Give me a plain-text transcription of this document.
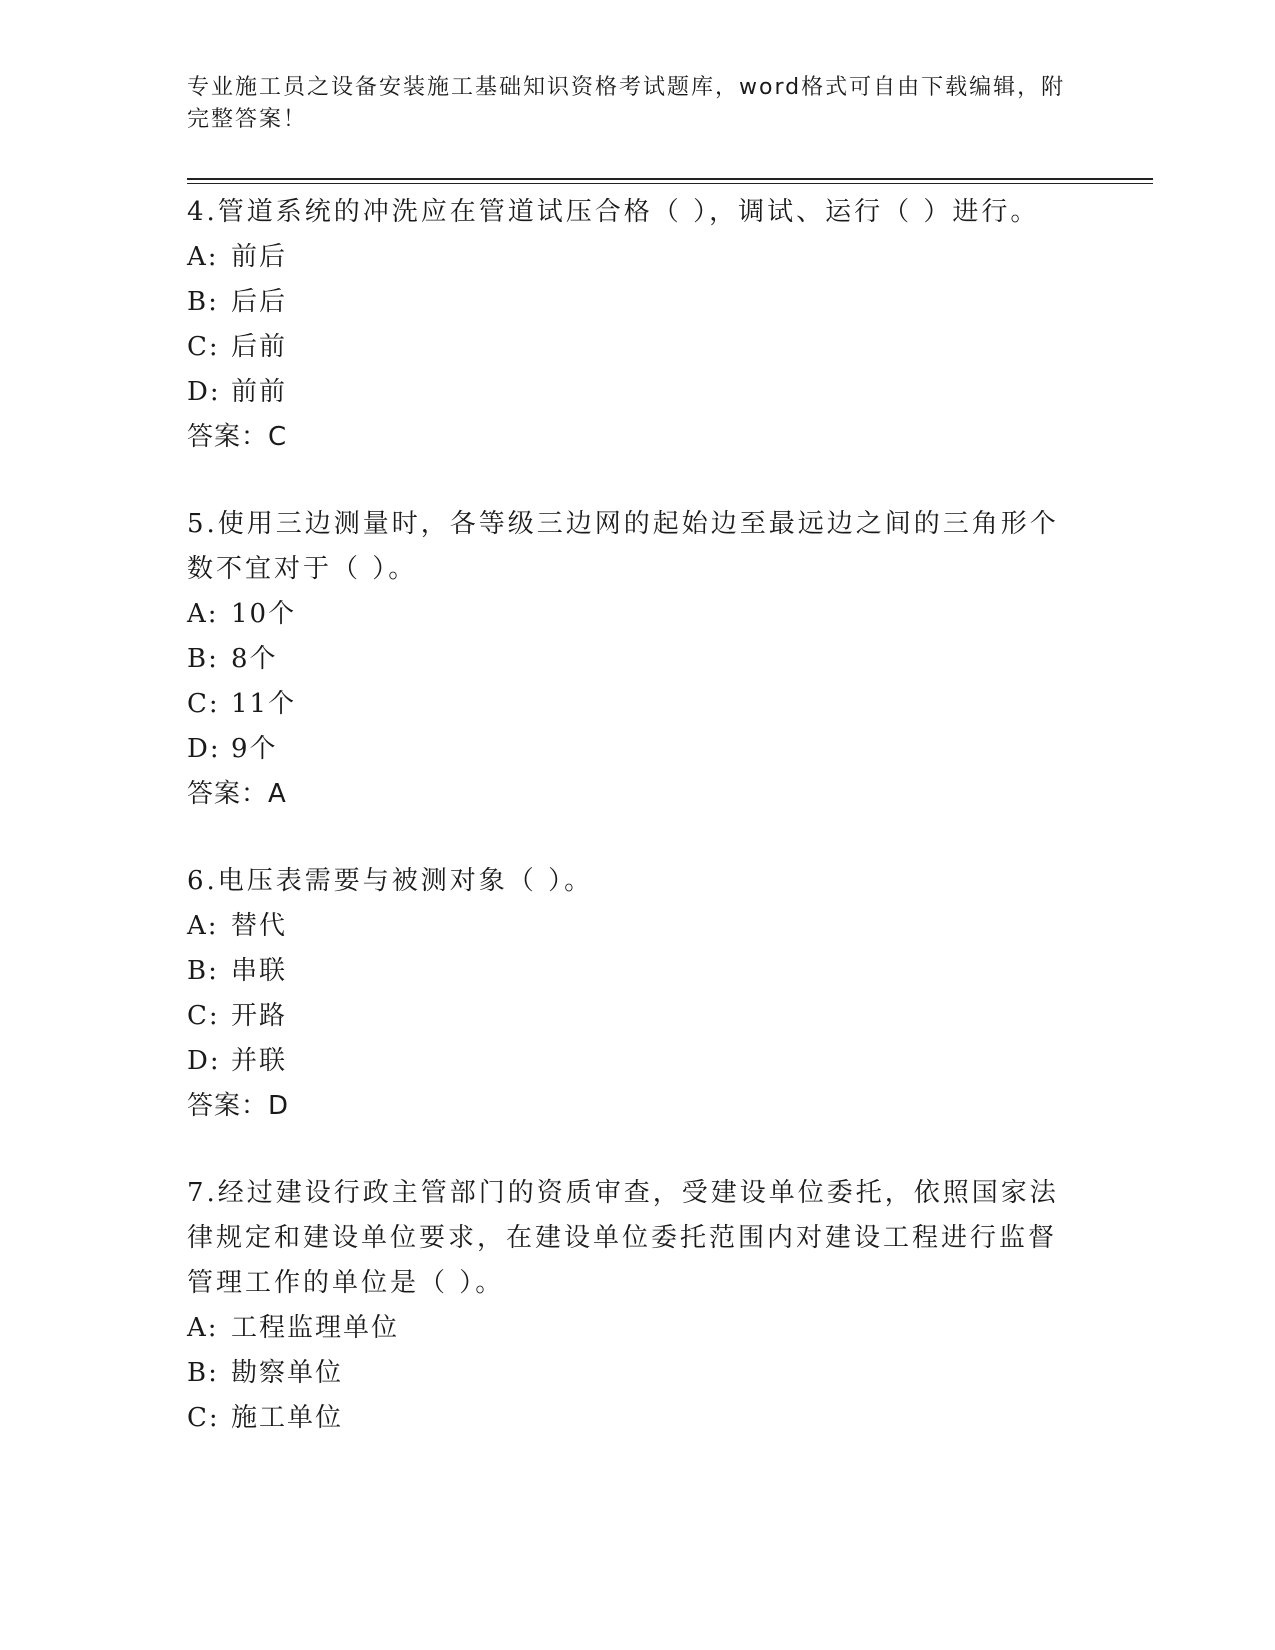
专业施工员之设备安装施工基础知识资格考试题库，word格式可自由下载编辑，附完整答案！
4.管道系统的冲洗应在管道试压合格（ ），调试、运行（ ）进行。
A: 前后
B: 后后
C: 后前
D: 前前
答案：C
5.使用三边测量时，各等级三边网的起始边至最远边之间的三角形个数不宜对于（ ）。
A: 10个
B: 8个
C: 11个
D: 9个
答案：A
6.电压表需要与被测对象（ ）。
A: 替代
B: 串联
C: 开路
D: 并联
答案：D
7.经过建设行政主管部门的资质审查，受建设单位委托，依照国家法律规定和建设单位要求，在建设单位委托范围内对建设工程进行监督管理工作的单位是（ ）。
A: 工程监理单位
B: 勘察单位
C: 施工单位
